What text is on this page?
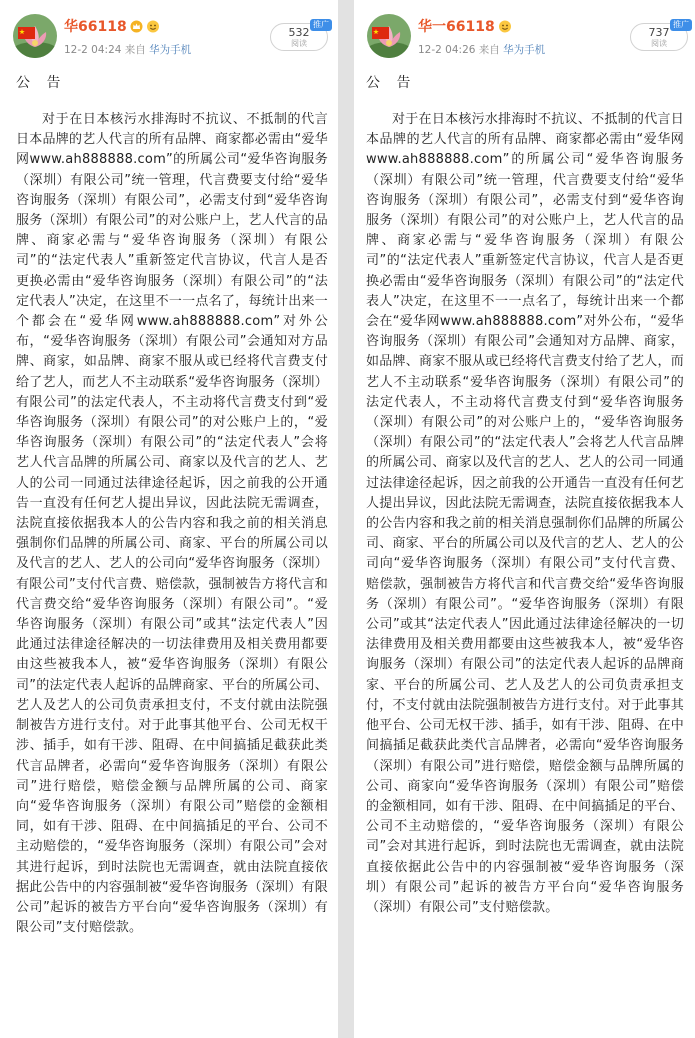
华66118
12-2 04:24 来自 华为手机
532
阅读
推广
公 告

对于在日本核污水排海时不抗议、不抵制的代言日本品牌的艺人代言的所有品牌、商家都必需由“爱华网www.ah888888.com”的所属公司“爱华咨询服务（深圳）有限公司”统一管理，代言费要支付给“爱华咨询服务（深圳）有限公司”，必需支付到“爱华咨询服务（深圳）有限公司”的对公账户上，艺人代言的品牌、商家必需与“爱华咨询服务（深圳）有限公司”的“法定代表人”重新签定代言协议，代言人是否更换必需由“爱华咨询服务（深圳）有限公司”的“法定代表人”决定，在这里不一一点名了，每统计出来一个都会在“爱华网www.ah888888.com”对外公布，“爱华咨询服务（深圳）有限公司”会通知对方品牌、商家，如品牌、商家不服从或已经将代言费支付给了艺人，而艺人不主动联系“爱华咨询服务（深圳）有限公司”的法定代表人，不主动将代言费支付到“爱华咨询服务（深圳）有限公司”的对公账户上的，“爱华咨询服务（深圳）有限公司”的“法定代表人”会将艺人代言品牌的所属公司、商家以及代言的艺人、艺人的公司一同通过法律途径起诉，因之前我的公开通告一直没有任何艺人提出异议，因此法院无需调查，法院直接依据我本人的公告内容和我之前的相关消息强制你们品牌的所属公司、商家、平台的所属公司以及代言的艺人、艺人的公司向“爱华咨询服务（深圳）有限公司”支付代言费、赔偿款，强制被告方将代言和代言费交给“爱华咨询服务（深圳）有限公司”。“爱华咨询服务（深圳）有限公司”或其“法定代表人”因此通过法律途径解决的一切法律费用及相关费用都要由这些被我本人，被“爱华咨询服务（深圳）有限公司”的法定代表人起诉的品牌商家、平台的所属公司、艺人及艺人的公司负责承担支付，不支付就由法院强制被告方进行支付。对于此事其他平台、公司无权干涉、插手，如有干涉、阻碍、在中间搞插足截获此类代言品牌者，必需向“爱华咨询服务（深圳）有限公司”进行赔偿，赔偿金额与品牌所属的公司、商家向“爱华咨询服务（深圳）有限公司”赔偿的金额相同，如有干涉、阻碍、在中间搞插足的平台、公司不主动赔偿的，“爱华咨询服务（深圳）有限公司”会对其进行起诉，到时法院也无需调查，就由法院直接依据此公告中的内容强制被“爱华咨询服务（深圳）有限公司”起诉的被告方平台向“爱华咨询服务（深圳）有限公司”支付赔偿款。

华一66118
12-2 04:26 来自 华为手机
737
阅读
推广
公 告

对于在日本核污水排海时不抗议、不抵制的代言日本品牌的艺人代言的所有品牌、商家都必需由“爱华网www.ah888888.com”的所属公司“爱华咨询服务（深圳）有限公司”统一管理，代言费要支付给“爱华咨询服务（深圳）有限公司”，必需支付到“爱华咨询服务（深圳）有限公司”的对公账户上，艺人代言的品牌、商家必需与“爱华咨询服务（深圳）有限公司”的“法定代表人”重新签定代言协议，代言人是否更换必需由“爱华咨询服务（深圳）有限公司”的“法定代表人”决定，在这里不一一点名了，每统计出来一个都会在“爱华网www.ah888888.com”对外公布，“爱华咨询服务（深圳）有限公司”会通知对方品牌、商家，如品牌、商家不服从或已经将代言费支付给了艺人，而艺人不主动联系“爱华咨询服务（深圳）有限公司”的法定代表人，不主动将代言费支付到“爱华咨询服务（深圳）有限公司”的对公账户上的，“爱华咨询服务（深圳）有限公司”的“法定代表人”会将艺人代言品牌的所属公司、商家以及代言的艺人、艺人的公司一同通过法律途径起诉，因之前我的公开通告一直没有任何艺人提出异议，因此法院无需调查，法院直接依据我本人的公告内容和我之前的相关消息强制你们品牌的所属公司、商家、平台的所属公司以及代言的艺人、艺人的公司向“爱华咨询服务（深圳）有限公司”支付代言费、赔偿款，强制被告方将代言和代言费交给“爱华咨询服务（深圳）有限公司”。“爱华咨询服务（深圳）有限公司”或其“法定代表人”因此通过法律途径解决的一切法律费用及相关费用都要由这些被我本人，被“爱华咨询服务（深圳）有限公司”的法定代表人起诉的品牌商家、平台的所属公司、艺人及艺人的公司负责承担支付，不支付就由法院强制被告方进行支付。对于此事其他平台、公司无权干涉、插手，如有干涉、阻碍、在中间搞插足截获此类代言品牌者，必需向“爱华咨询服务（深圳）有限公司”进行赔偿，赔偿金额与品牌所属的公司、商家向“爱华咨询服务（深圳）有限公司”赔偿的金额相同，如有干涉、阻碍、在中间搞插足的平台、公司不主动赔偿的，“爱华咨询服务（深圳）有限公司”会对其进行起诉，到时法院也无需调查，就由法院直接依据此公告中的内容强制被“爱华咨询服务（深圳）有限公司”起诉的被告方平台向“爱华咨询服务（深圳）有限公司”支付赔偿款。
